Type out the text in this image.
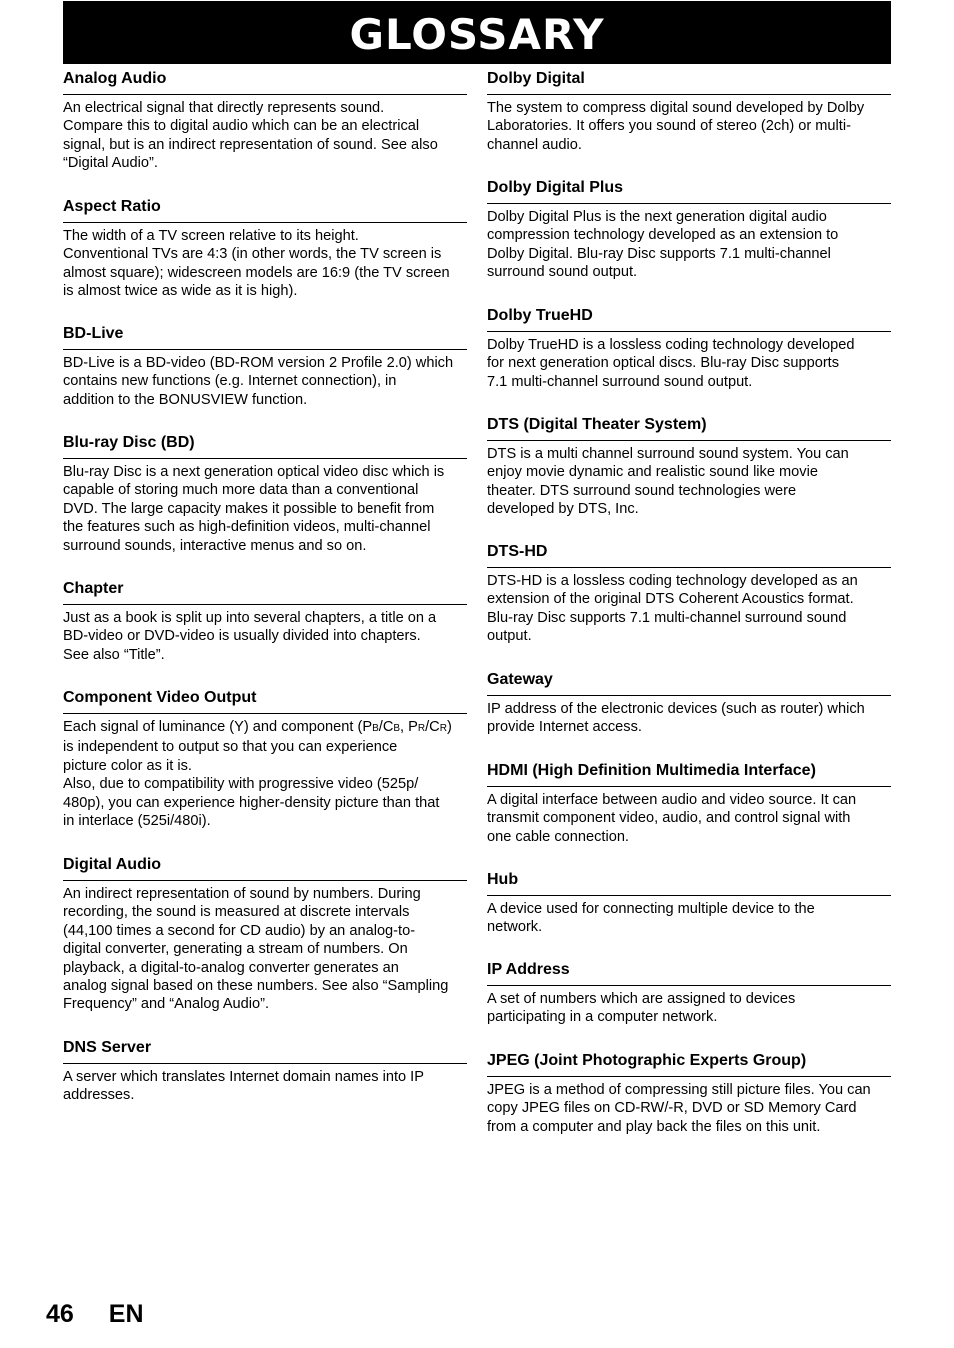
GLOSSARY
Analog Audio
An electrical signal that directly represents sound.
Compare this to digital audio which can be an electrical
signal, but is an indirect representation of sound. See also
“Digital Audio”.
Aspect Ratio
The width of a TV screen relative to its height.
Conventional TVs are 4:3 (in other words, the TV screen is
almost square); widescreen models are 16:9 (the TV screen
is almost twice as wide as it is high).
BD-Live
BD-Live is a BD-video (BD-ROM version 2 Profile 2.0) which
contains new functions (e.g. Internet connection), in
addition to the BONUSVIEW function.
Blu-ray Disc (BD)
Blu-ray Disc is a next generation optical video disc which is
capable of storing much more data than a conventional
DVD. The large capacity makes it possible to benefit from
the features such as high-definition videos, multi-channel
surround sounds, interactive menus and so on.
Chapter
Just as a book is split up into several chapters, a title on a
BD-video or DVD-video is usually divided into chapters.
See also “Title”.
Component Video Output
Each signal of luminance (Y) and component (PB/CB, PR/CR)
is independent to output so that you can experience
picture color as it is.
Also, due to compatibility with progressive video (525p/
480p), you can experience higher-density picture than that
in interlace (525i/480i).
Digital Audio
An indirect representation of sound by numbers. During
recording, the sound is measured at discrete intervals
(44,100 times a second for CD audio) by an analog-to-
digital converter, generating a stream of numbers. On
playback, a digital-to-analog converter generates an
analog signal based on these numbers. See also “Sampling
Frequency” and “Analog Audio”.
DNS Server
A server which translates Internet domain names into IP
addresses.
Dolby Digital
The system to compress digital sound developed by Dolby
Laboratories. It offers you sound of stereo (2ch) or multi-
channel audio.
Dolby Digital Plus
Dolby Digital Plus is the next generation digital audio
compression technology developed as an extension to
Dolby Digital. Blu-ray Disc supports 7.1 multi-channel
surround sound output.
Dolby TrueHD
Dolby TrueHD is a lossless coding technology developed
for next generation optical discs. Blu-ray Disc supports
7.1 multi-channel surround sound output.
DTS (Digital Theater System)
DTS is a multi channel surround sound system. You can
enjoy movie dynamic and realistic sound like movie
theater. DTS surround sound technologies were
developed by DTS, Inc.
DTS-HD
DTS-HD is a lossless coding technology developed as an
extension of the original DTS Coherent Acoustics format.
Blu-ray Disc supports 7.1 multi-channel surround sound
output.
Gateway
IP address of the electronic devices (such as router) which
provide Internet access.
HDMI (High Definition Multimedia Interface)
A digital interface between audio and video source. It can
transmit component video, audio, and control signal with
one cable connection.
Hub
A device used for connecting multiple device to the
network.
IP Address
A set of numbers which are assigned to devices
participating in a computer network.
JPEG (Joint Photographic Experts Group)
JPEG is a method of compressing still picture files. You can
copy JPEG files on CD-RW/-R, DVD or SD Memory Card
from a computer and play back the files on this unit.
46 EN
